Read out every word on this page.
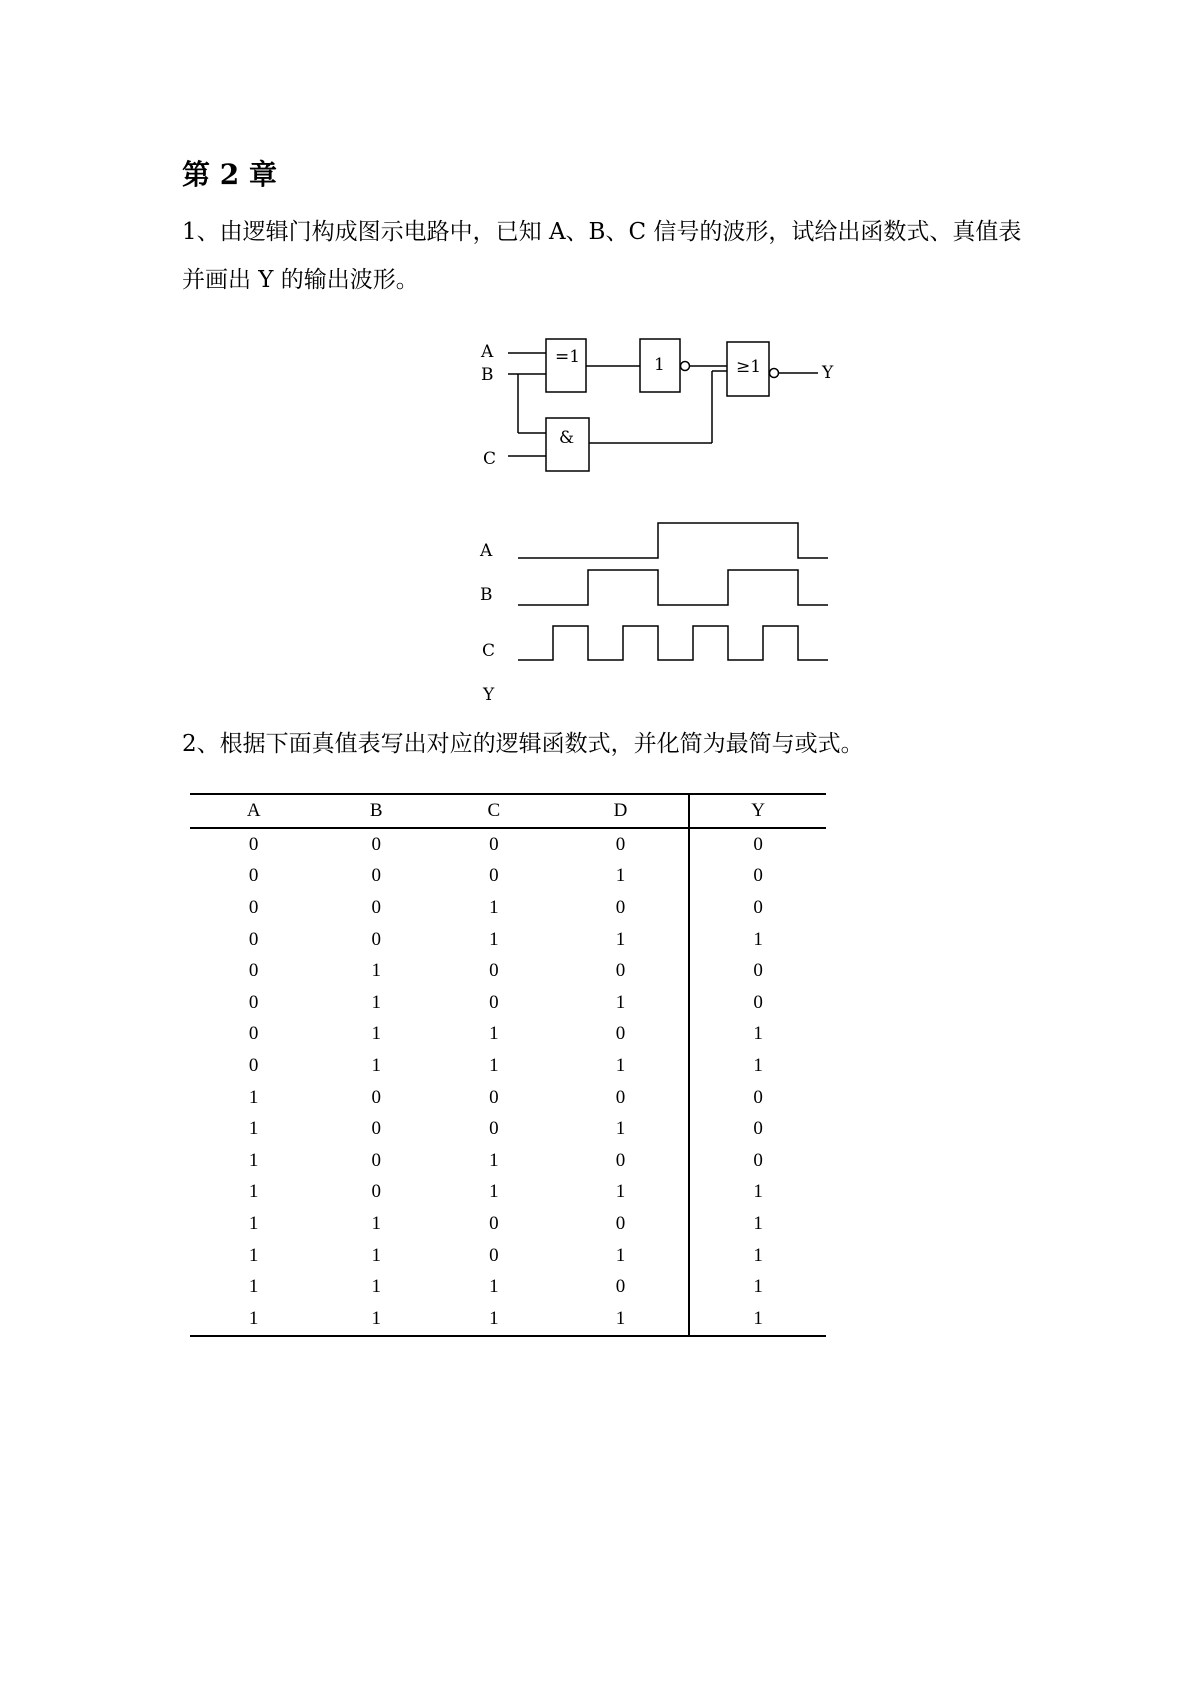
第 2 章
1、由逻辑门构成图示电路中，已知 A、B、C 信号的波形，试给出函数式、真值表并画出 Y 的输出波形。
A
B
C
Y
=1	1	≥1
&
A
B
C
Y
2、根据下面真值表写出对应的逻辑函数式，并化简为最简与或式。
A	B	C	D	Y
0	0	0	0	0
0	0	0	1	0
0	0	1	0	0
0	0	1	1	1
0	1	0	0	0
0	1	0	1	0
0	1	1	0	1
0	1	1	1	1
1	0	0	0	0
1	0	0	1	0
1	0	1	0	0
1	0	1	1	1
1	1	0	0	1
1	1	0	1	1
1	1	1	0	1
1	1	1	1	1
